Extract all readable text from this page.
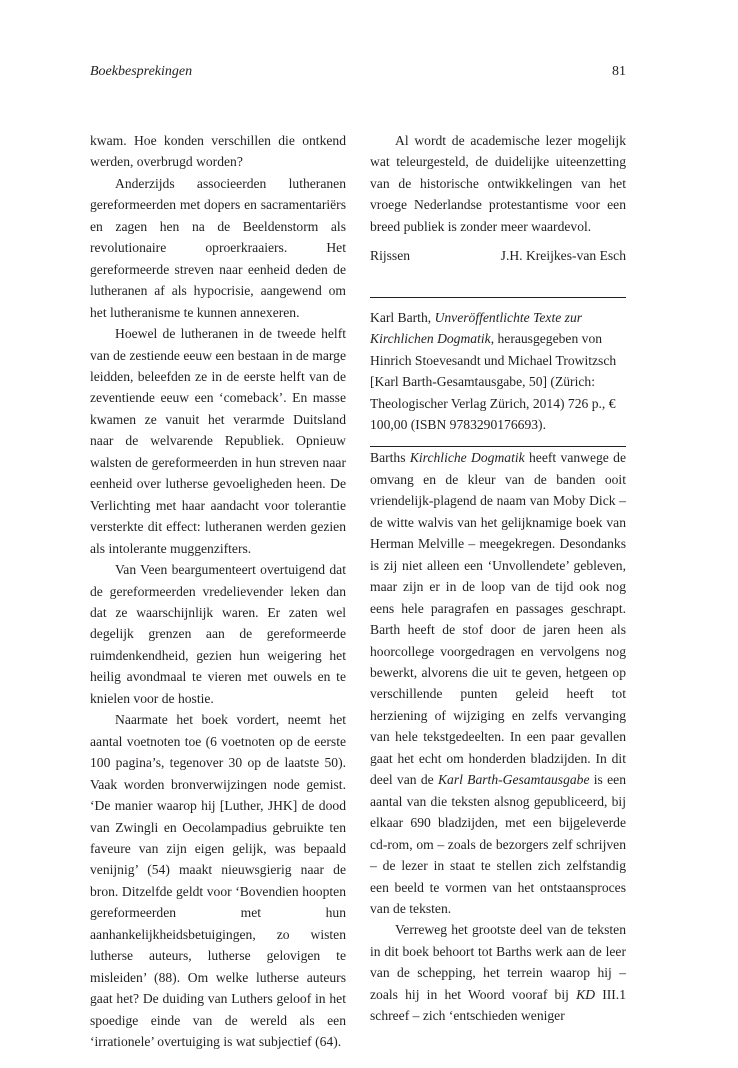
Boekbesprekingen	81

kwam. Hoe konden verschillen die ontkend werden, overbrugd worden?

Anderzijds associeerden lutheranen gereformeerden met dopers en sacramentariërs en zagen hen na de Beeldenstorm als revolutionaire oproerkraaiers. Het gereformeerde streven naar eenheid deden de lutheranen af als hypocrisie, aangewend om het lutheranisme te kunnen annexeren.

Hoewel de lutheranen in de tweede helft van de zestiende eeuw een bestaan in de marge leidden, beleefden ze in de eerste helft van de zeventiende eeuw een ‘comeback’. En masse kwamen ze vanuit het verarmde Duitsland naar de welvarende Republiek. Opnieuw walsten de gereformeerden in hun streven naar eenheid over lutherse gevoeligheden heen. De Verlichting met haar aandacht voor tolerantie versterkte dit effect: lutheranen werden gezien als intolerante muggenzifters.

Van Veen beargumenteert overtuigend dat de gereformeerden vredelievender leken dan dat ze waarschijnlijk waren. Er zaten wel degelijk grenzen aan de gereformeerde ruimdenkendheid, gezien hun weigering het heilig avondmaal te vieren met ouwels en te knielen voor de hostie.

Naarmate het boek vordert, neemt het aantal voetnoten toe (6 voetnoten op de eerste 100 pagina’s, tegenover 30 op de laatste 50). Vaak worden bronverwijzingen node gemist. ‘De manier waarop hij [Luther, JHK] de dood van Zwingli en Oecolampadius gebruikte ten faveure van zijn eigen gelijk, was bepaald venijnig’ (54) maakt nieuwsgierig naar de bron. Ditzelfde geldt voor ‘Bovendien hoopten gereformeerden met hun aanhankelijkheidsbetuigingen, zo wisten lutherse auteurs, lutherse gelovigen te misleiden’ (88). Om welke lutherse auteurs gaat het? De duiding van Luthers geloof in het spoedige einde van de wereld als een ‘irrationele’ overtuiging is wat subjectief (64).

Al wordt de academische lezer mogelijk wat teleurgesteld, de duidelijke uiteenzetting van de historische ontwikkelingen van het vroege Nederlandse protestantisme voor een breed publiek is zonder meer waardevol.

Rijssen	J.H. Kreijkes-van Esch

Karl Barth, Unveröffentlichte Texte zur Kirchlichen Dogmatik, herausgegeben von Hinrich Stoevesandt und Michael Trowitzsch [Karl Barth-Gesamtausgabe, 50] (Zürich: Theologischer Verlag Zürich, 2014) 726 p., € 100,00 (ISBN 9783290176693).

Barths Kirchliche Dogmatik heeft vanwege de omvang en de kleur van de banden ooit vriendelijk-plagend de naam van Moby Dick – de witte walvis van het gelijknamige boek van Herman Melville – meegekregen. Desondanks is zij niet alleen een ‘Unvollendete’ gebleven, maar zijn er in de loop van de tijd ook nog eens hele paragrafen en passages geschrapt. Barth heeft de stof door de jaren heen als hoorcollege voorgedragen en vervolgens nog bewerkt, alvorens die uit te geven, hetgeen op verschillende punten geleid heeft tot herziening of wijziging en zelfs vervanging van hele tekstgedeelten. In een paar gevallen gaat het echt om honderden bladzijden. In dit deel van de Karl Barth-Gesamtausgabe is een aantal van die teksten alsnog gepubliceerd, bij elkaar 690 bladzijden, met een bijgeleverde cd-rom, om – zoals de bezorgers zelf schrijven – de lezer in staat te stellen zich zelfstandig een beeld te vormen van het ontstaansproces van de teksten.

Verreweg het grootste deel van de teksten in dit boek behoort tot Barths werk aan de leer van de schepping, het terrein waarop hij – zoals hij in het Woord vooraf bij KD III.1 schreef – zich ‘entschieden weniger
